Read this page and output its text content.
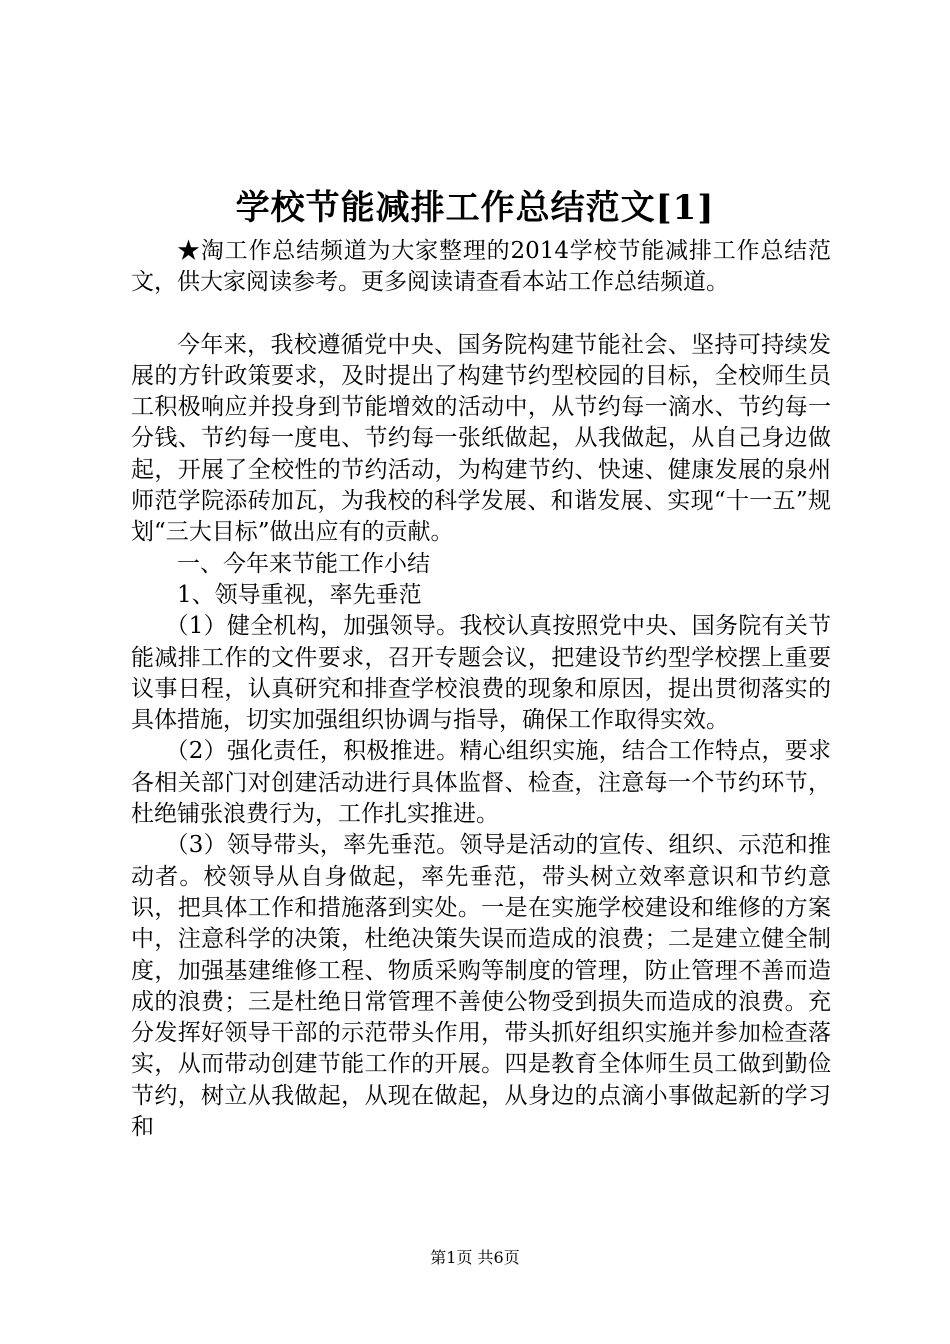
学校节能减排工作总结范文[1]

★淘工作总结频道为大家整理的2014学校节能减排工作总结范文，供大家阅读参考。更多阅读请查看本站工作总结频道。

今年来，我校遵循党中央、国务院构建节能社会、坚持可持续发展的方针政策要求，及时提出了构建节约型校园的目标，全校师生员工积极响应并投身到节能增效的活动中，从节约每一滴水、节约每一分钱、节约每一度电、节约每一张纸做起，从我做起，从自己身边做起，开展了全校性的节约活动，为构建节约、快速、健康发展的泉州师范学院添砖加瓦，为我校的科学发展、和谐发展、实现“十一五”规划“三大目标”做出应有的贡献。

一、今年来节能工作小结

1、领导重视，率先垂范

（1）健全机构，加强领导。我校认真按照党中央、国务院有关节能减排工作的文件要求，召开专题会议，把建设节约型学校摆上重要议事日程，认真研究和排查学校浪费的现象和原因，提出贯彻落实的具体措施，切实加强组织协调与指导，确保工作取得实效。

（2）强化责任，积极推进。精心组织实施，结合工作特点，要求各相关部门对创建活动进行具体监督、检查，注意每一个节约环节，杜绝铺张浪费行为，工作扎实推进。

（3）领导带头，率先垂范。领导是活动的宣传、组织、示范和推动者。校领导从自身做起，率先垂范，带头树立效率意识和节约意识，把具体工作和措施落到实处。一是在实施学校建设和维修的方案中，注意科学的决策，杜绝决策失误而造成的浪费；二是建立健全制度，加强基建维修工程、物质采购等制度的管理，防止管理不善而造成的浪费；三是杜绝日常管理不善使公物受到损失而造成的浪费。充分发挥好领导干部的示范带头作用，带头抓好组织实施并参加检查落实，从而带动创建节能工作的开展。四是教育全体师生员工做到勤俭节约，树立从我做起，从现在做起，从身边的点滴小事做起新的学习和

第1页 共6页
